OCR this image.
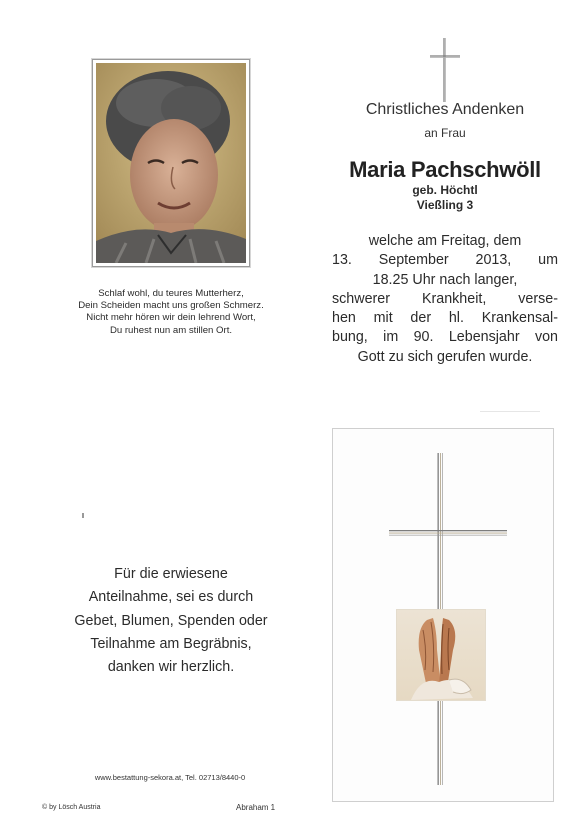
Schlaf wohl, du teures Mutterherz,
Dein Scheiden macht uns großen Schmerz.
Nicht mehr hören wir dein lehrend Wort,
Du ruhest nun am stillen Ort.
Christliches Andenken
an Frau
Maria Pachschwöll
geb. Höchtl
Vießling 3
welche am Freitag, dem
13. September 2013, um
18.25 Uhr nach langer,
schwerer Krankheit, verse-
hen mit der hl. Krankensal-
bung, im 90. Lebensjahr von
Gott zu sich gerufen wurde.
Für die erwiesene
Anteilnahme, sei es durch
Gebet, Blumen, Spenden oder
Teilnahme am Begräbnis,
danken wir herzlich.
www.bestattung-sekora.at, Tel. 02713/8440-0
© by Lösch Austria	Abraham 1
